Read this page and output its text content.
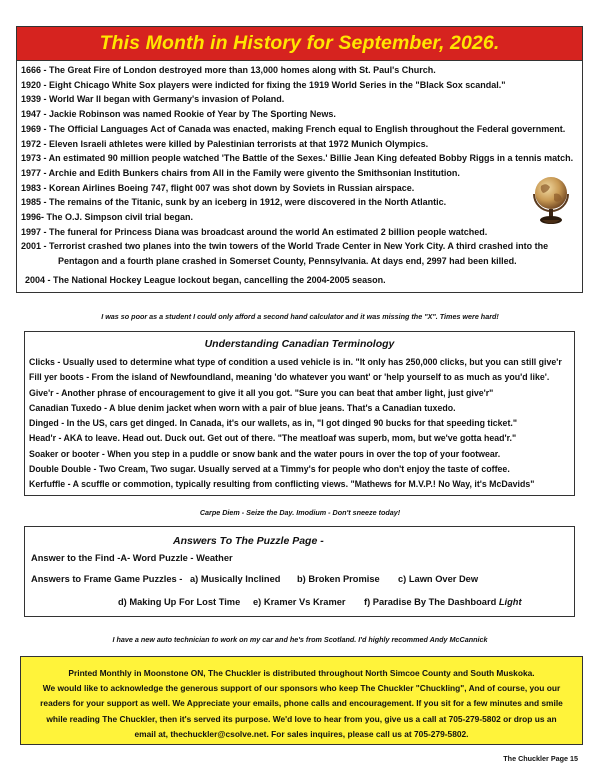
This Month in History for September, 2026.
1666 - The Great Fire of London destroyed more than 13,000 homes along with St. Paul's Church.
1920 - Eight Chicago White Sox players were indicted for fixing the 1919 World Series in the "Black Sox scandal."
1939 - World War II began with Germany's invasion of Poland.
1947 - Jackie Robinson was named Rookie of Year by The Sporting News.
1969 - The Official Languages Act of Canada was enacted, making French equal to English throughout the Federal government.
1972 - Eleven Israeli athletes were killed by Palestinian terrorists at that 1972 Munich Olympics.
1973 - An estimated 90 million people watched 'The Battle of the Sexes.' Billie Jean King defeated Bobby Riggs in a tennis match.
1977 - Archie and Edith Bunkers chairs from All in the Family were givento the Smithsonian Institution.
1983 - Korean Airlines Boeing 747, flight 007 was shot down by Soviets in Russian airspace.
1985 - The remains of the Titanic, sunk by an iceberg in 1912, were discovered in the North Atlantic.
1996- The O.J. Simpson civil trial began.
1997 - The funeral for Princess Diana was broadcast around the world An estimated 2 billion people watched.
2001 - Terrorist crashed two planes into the twin towers of the World Trade Center in New York City. A third crashed into the
Pentagon and a fourth plane crashed in Somerset County, Pennsylvania. At days end, 2997 had been killed.
2004 - The National Hockey League lockout began, cancelling the 2004-2005 season.
I was so poor as a student I could only afford a second hand calculator and it was missing the "X". Times were hard!
Understanding Canadian Terminology
Clicks - Usually used to determine what type of condition a used vehicle is in. "It only has 250,000 clicks, but you can still give'r
Fill yer boots - From the island of Newfoundland, meaning 'do whatever you want' or 'help yourself to as much as you'd like'.
Give'r - Another phrase of encouragement to give it all you got. "Sure you can beat that amber light, just give'r"
Canadian Tuxedo - A blue denim jacket when worn with a pair of blue jeans. That's a Canadian tuxedo.
Dinged - In the US, cars get dinged. In Canada, it's our wallets, as in, "I got dinged 90 bucks for that speeding ticket."
Head'r - AKA to leave. Head out. Duck out. Get out of there. "The meatloaf was superb, mom, but we've gotta head'r."
Soaker or booter - When you step in a puddle or snow bank and the water pours in over the top of your footwear.
Double Double - Two Cream, Two sugar. Usually served at a Timmy's for people who don't enjoy the taste of coffee.
Kerfuffle - A scuffle or commotion, typically resulting from conflicting views. "Mathews for M.V.P.! No Way, it's McDavids"
Carpe Diem - Seize the Day. Imodium - Don't sneeze today!
Answers To The Puzzle Page -
Answer to the Find -A- Word Puzzle - Weather
Answers to Frame Game Puzzles - a) Musically Inclined b) Broken Promise c) Lawn Over Dew
d) Making Up For Lost Time e) Kramer Vs Kramer f) Paradise By The Dashboard Light
I have a new auto technician to work on my car and he's from Scotland. I'd highly recommed Andy McCannick
Printed Monthly in Moonstone ON, The Chuckler is distributed throughout North Simcoe County and South Muskoka.
We would like to acknowledge the generous support of our sponsors who keep The Chuckler "Chuckling", And of course, you our
readers for your support as well. We Appreciate your emails, phone calls and encouragement. If you sit for a few minutes and smile
while reading The Chuckler, then it's served its purpose. We'd love to hear from you, give us a call at 705-279-5802 or drop us an
email at, thechuckler@csolve.net. For sales inquires, please call us at 705-279-5802.
The Chuckler Page 15
